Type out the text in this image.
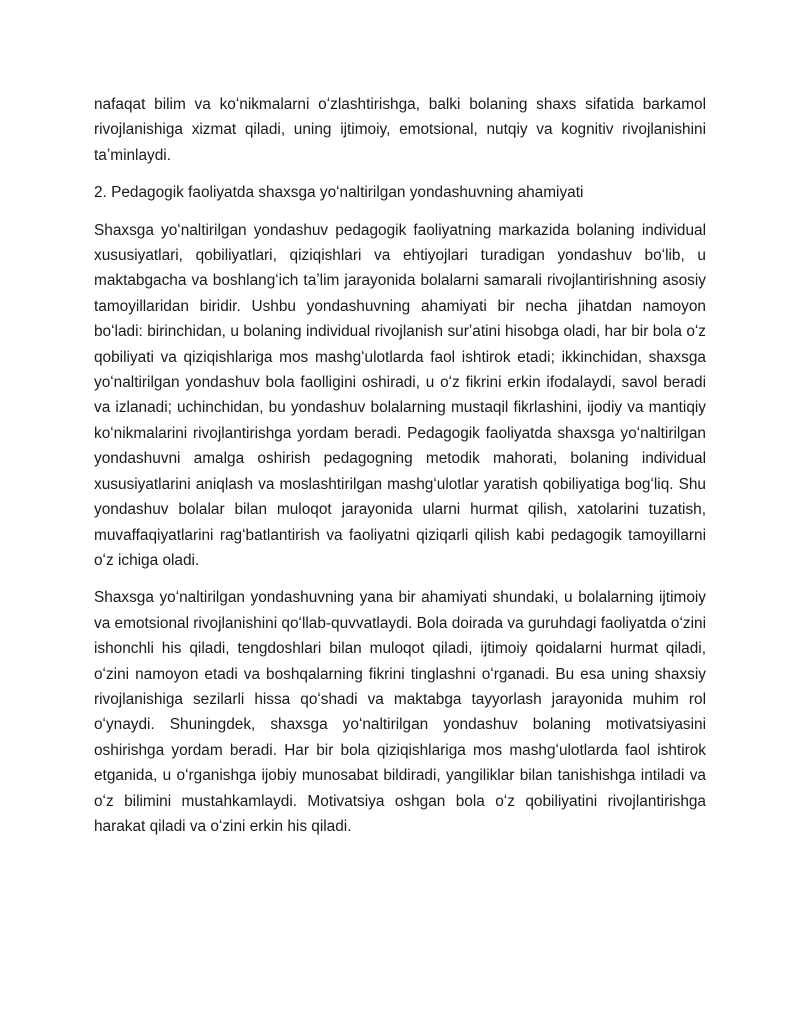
nafaqat bilim va koʻnikmalarni oʻzlashtirishga, balki bolaning shaxs sifatida barkamol rivojlanishiga xizmat qiladi, uning ijtimoiy, emotsional, nutqiy va kognitiv rivojlanishini taʼminlaydi.

2. Pedagogik faoliyatda shaxsga yoʻnaltirilgan yondashuvning ahamiyati

Shaxsga yoʻnaltirilgan yondashuv pedagogik faoliyatning markazida bolaning individual xususiyatlari, qobiliyatlari, qiziqishlari va ehtiyojlari turadigan yondashuv boʻlib, u maktabgacha va boshlangʻich taʼlim jarayonida bolalarni samarali rivojlantirishning asosiy tamoyillaridan biridir. Ushbu yondashuvning ahamiyati bir necha jihatdan namoyon boʻladi: birinchidan, u bolaning individual rivojlanish surʼatini hisobga oladi, har bir bola oʻz qobiliyati va qiziqishlariga mos mashgʻulotlarda faol ishtirok etadi; ikkinchidan, shaxsga yoʻnaltirilgan yondashuv bola faolligini oshiradi, u oʻz fikrini erkin ifodalaydi, savol beradi va izlanadi; uchinchidan, bu yondashuv bolalarning mustaqil fikrlashini, ijodiy va mantiqiy koʻnikmalarini rivojlantirishga yordam beradi. Pedagogik faoliyatda shaxsga yoʻnaltirilgan yondashuvni amalga oshirish pedagogning metodik mahorati, bolaning individual xususiyatlarini aniqlash va moslashtirilgan mashgʻulotlar yaratish qobiliyatiga bogʻliq. Shu yondashuv bolalar bilan muloqot jarayonida ularni hurmat qilish, xatolarini tuzatish, muvaffaqiyatlarini ragʻbatlantirish va faoliyatni qiziqarli qilish kabi pedagogik tamoyillarni oʻz ichiga oladi.

Shaxsga yoʻnaltirilgan yondashuvning yana bir ahamiyati shundaki, u bolalarning ijtimoiy va emotsional rivojlanishini qoʻllab-quvvatlaydi. Bola doirada va guruhdagi faoliyatda oʻzini ishonchli his qiladi, tengdoshlari bilan muloqot qiladi, ijtimoiy qoidalarni hurmat qiladi, oʻzini namoyon etadi va boshqalarning fikrini tinglashni oʻrganadi. Bu esa uning shaxsiy rivojlanishiga sezilarli hissa qoʻshadi va maktabga tayyorlash jarayonida muhim rol oʻynaydi. Shuningdek, shaxsga yoʻnaltirilgan yondashuv bolaning motivatsiyasini oshirishga yordam beradi. Har bir bola qiziqishlariga mos mashgʻulotlarda faol ishtirok etganida, u oʻrganishga ijobiy munosabat bildiradi, yangiliklar bilan tanishishga intiladi va oʻz bilimini mustahkamlaydi. Motivatsiya oshgan bola oʻz qobiliyatini rivojlantirishga harakat qiladi va oʻzini erkin his qiladi.
